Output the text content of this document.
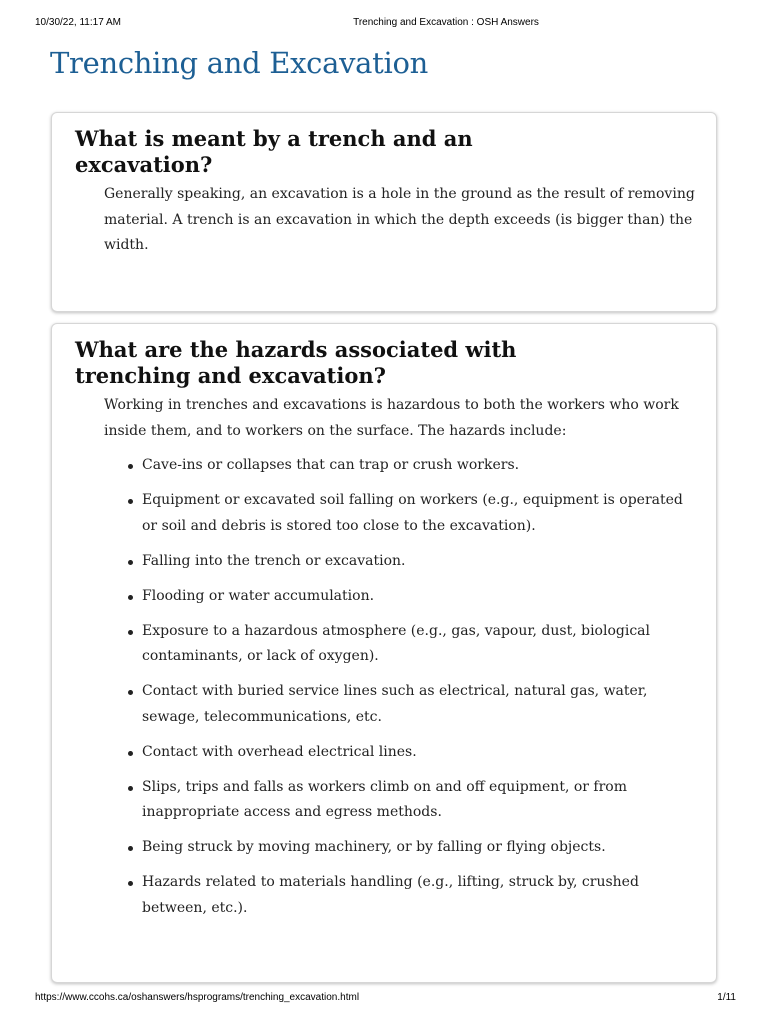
10/30/22, 11:17 AM	Trenching and Excavation : OSH Answers
Trenching and Excavation
What is meant by a trench and an excavation?

Generally speaking, an excavation is a hole in the ground as the result of removing material. A trench is an excavation in which the depth exceeds (is bigger than) the width.

What are the hazards associated with trenching and excavation?

Working in trenches and excavations is hazardous to both the workers who work inside them, and to workers on the surface. The hazards include:

Cave-ins or collapses that can trap or crush workers.
Equipment or excavated soil falling on workers (e.g., equipment is operated or soil and debris is stored too close to the excavation).
Falling into the trench or excavation.
Flooding or water accumulation.
Exposure to a hazardous atmosphere (e.g., gas, vapour, dust, biological contaminants, or lack of oxygen).
Contact with buried service lines such as electrical, natural gas, water, sewage, telecommunications, etc.
Contact with overhead electrical lines.
Slips, trips and falls as workers climb on and off equipment, or from inappropriate access and egress methods.
Being struck by moving machinery, or by falling or flying objects.
Hazards related to materials handling (e.g., lifting, struck by, crushed between, etc.).
https://www.ccohs.ca/oshanswers/hsprograms/trenching_excavation.html	1/11
